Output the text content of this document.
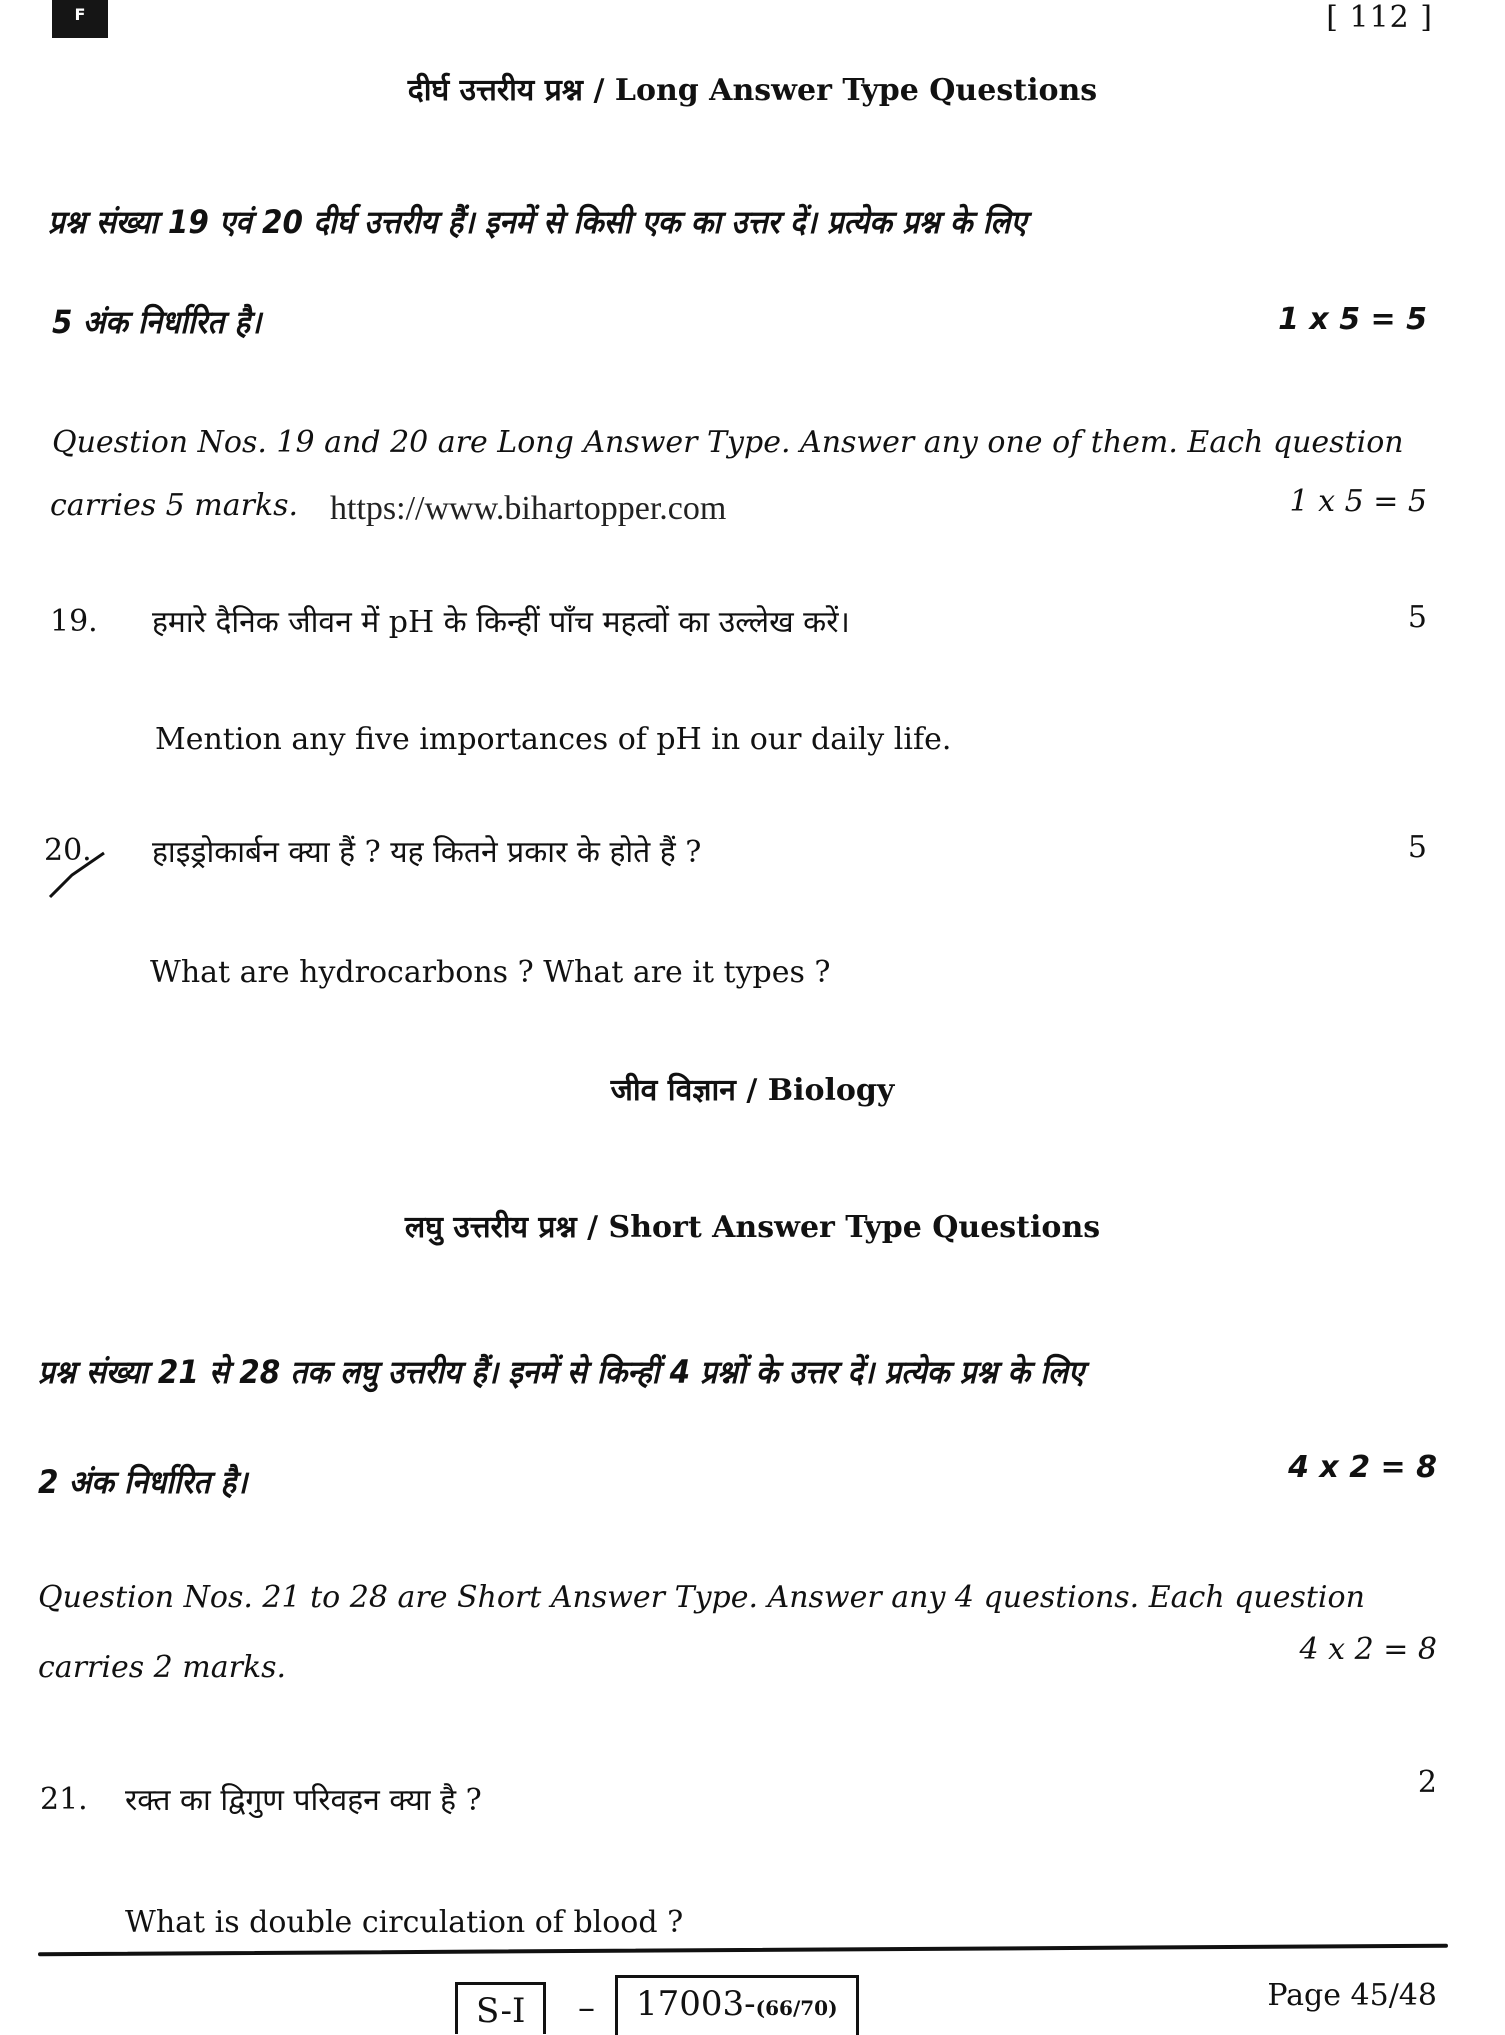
F	[ 112 ]
दीर्घ उत्तरीय प्रश्न / Long Answer Type Questions
प्रश्न संख्या 19 एवं 20 दीर्घ उत्तरीय हैं। इनमें से किसी एक का उत्तर दें। प्रत्येक प्रश्न के लिए
5 अंक निर्धारित है।	1 x 5 = 5
Question Nos. 19 and 20 are Long Answer Type. Answer any one of them. Each question
carries 5 marks. https://www.bihartopper.com	1 x 5 = 5
19. हमारे दैनिक जीवन में pH के किन्हीं पाँच महत्वों का उल्लेख करें।	5
Mention any five importances of pH in our daily life.
20. हाइड्रोकार्बन क्या हैं ? यह कितने प्रकार के होते हैं ?	5
What are hydrocarbons ? What are it types ?
जीव विज्ञान / Biology
लघु उत्तरीय प्रश्न / Short Answer Type Questions
प्रश्न संख्या 21 से 28 तक लघु उत्तरीय हैं। इनमें से किन्हीं 4 प्रश्नों के उत्तर दें। प्रत्येक प्रश्न के लिए
2 अंक निर्धारित है।	4 x 2 = 8
Question Nos. 21 to 28 are Short Answer Type. Answer any 4 questions. Each question
carries 2 marks.
4 x 2 = 8
21. रक्त का द्विगुण परिवहन क्या है ?
2
What is double circulation of blood ?
S-I	–	17003-(66/70)	Page 45/48
